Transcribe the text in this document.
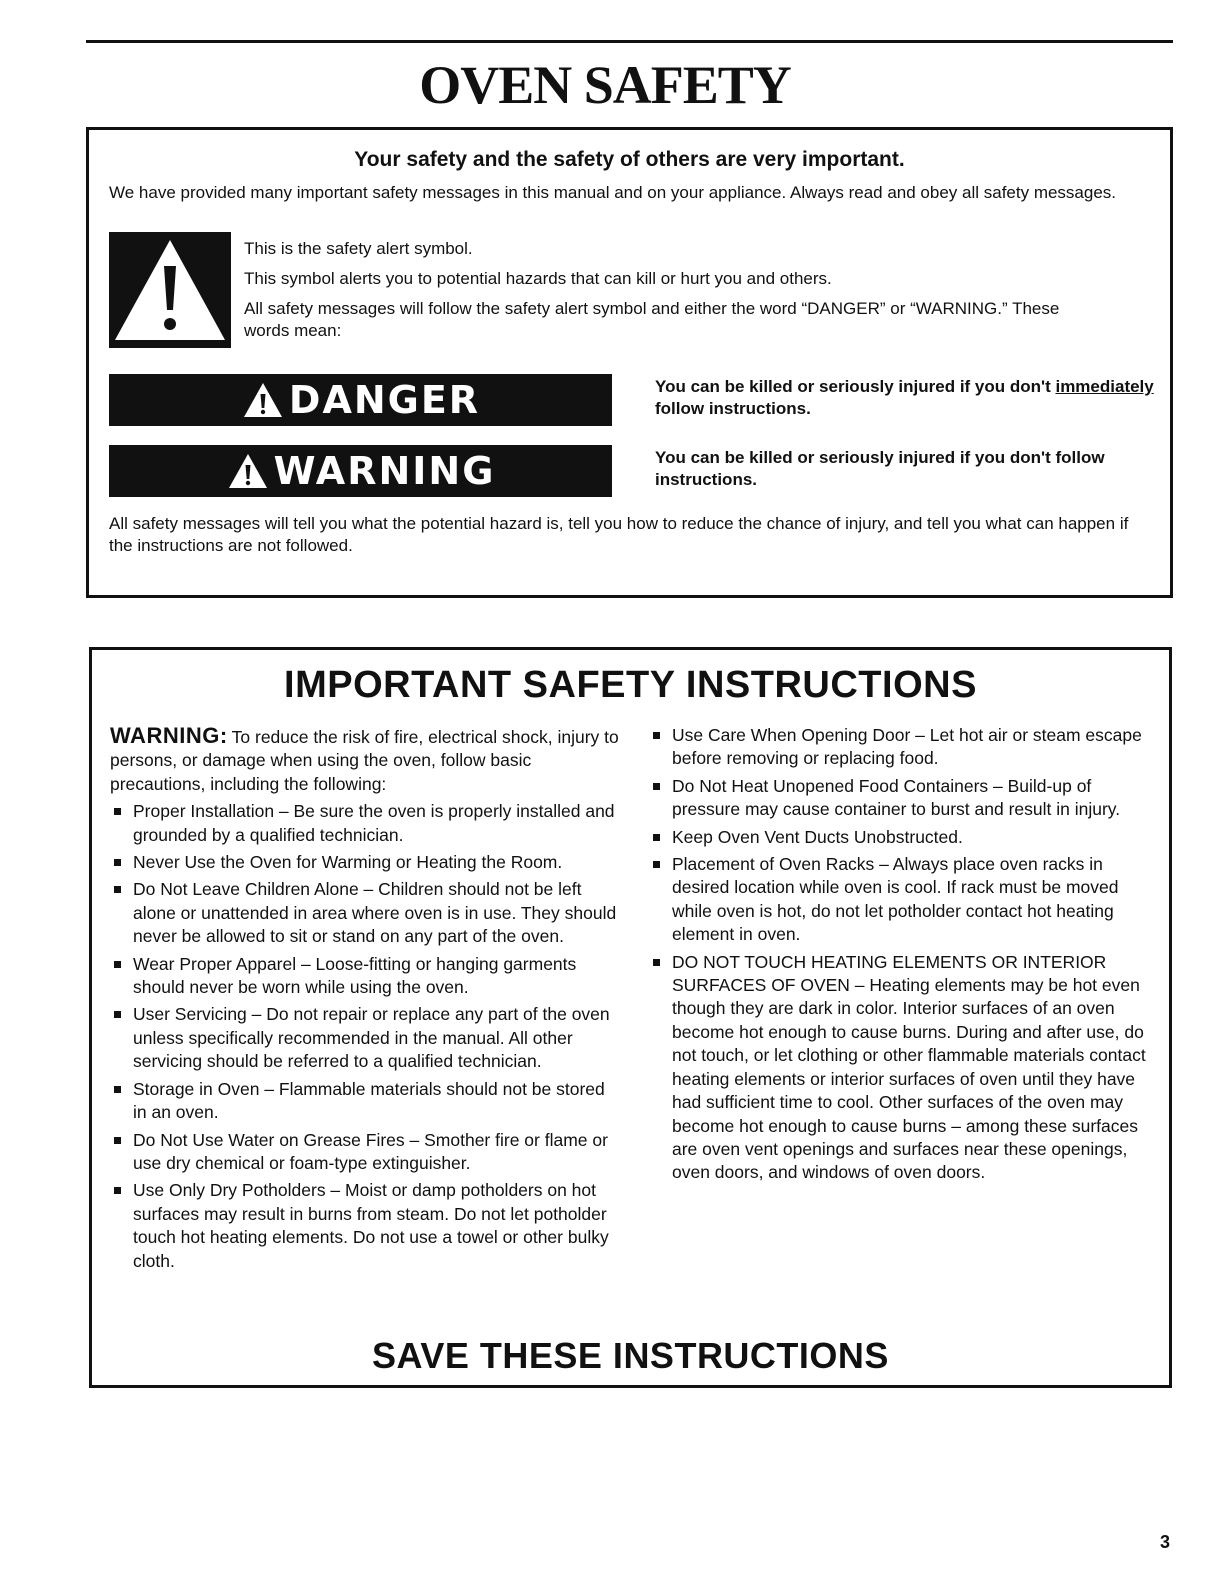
OVEN SAFETY
Your safety and the safety of others are very important.
We have provided many important safety messages in this manual and on your appliance. Always read and obey all safety messages.

This is the safety alert symbol.

This symbol alerts you to potential hazards that can kill or hurt you and others.

All safety messages will follow the safety alert symbol and either the word “DANGER” or “WARNING.” These words mean:

DANGER	You can be killed or seriously injured if you don't immediately follow instructions.
WARNING	You can be killed or seriously injured if you don't follow instructions.
All safety messages will tell you what the potential hazard is, tell you how to reduce the chance of injury, and tell you what can happen if the instructions are not followed.
IMPORTANT SAFETY INSTRUCTIONS

WARNING: To reduce the risk of fire, electrical shock, injury to persons, or damage when using the oven, follow basic precautions, including the following:

Proper Installation – Be sure the oven is properly installed and grounded by a qualified technician.
Never Use the Oven for Warming or Heating the Room.
Do Not Leave Children Alone – Children should not be left alone or unattended in area where oven is in use. They should never be allowed to sit or stand on any part of the oven.
Wear Proper Apparel – Loose-fitting or hanging garments should never be worn while using the oven.
User Servicing – Do not repair or replace any part of the oven unless specifically recommended in the manual. All other servicing should be referred to a qualified technician.
Storage in Oven – Flammable materials should not be stored in an oven.
Do Not Use Water on Grease Fires – Smother fire or flame or use dry chemical or foam-type extinguisher.
Use Only Dry Potholders – Moist or damp potholders on hot surfaces may result in burns from steam. Do not let potholder touch hot heating elements. Do not use a towel or other bulky cloth.
Use Care When Opening Door – Let hot air or steam escape before removing or replacing food.
Do Not Heat Unopened Food Containers – Build-up of pressure may cause container to burst and result in injury.
Keep Oven Vent Ducts Unobstructed.
Placement of Oven Racks – Always place oven racks in desired location while oven is cool. If rack must be moved while oven is hot, do not let potholder contact hot heating element in oven.
DO NOT TOUCH HEATING ELEMENTS OR INTERIOR SURFACES OF OVEN – Heating elements may be hot even though they are dark in color. Interior surfaces of an oven become hot enough to cause burns. During and after use, do not touch, or let clothing or other flammable materials contact heating elements or interior surfaces of oven until they have had sufficient time to cool. Other surfaces of the oven may become hot enough to cause burns – among these surfaces are oven vent openings and surfaces near these openings, oven doors, and windows of oven doors.
SAVE THESE INSTRUCTIONS
3
